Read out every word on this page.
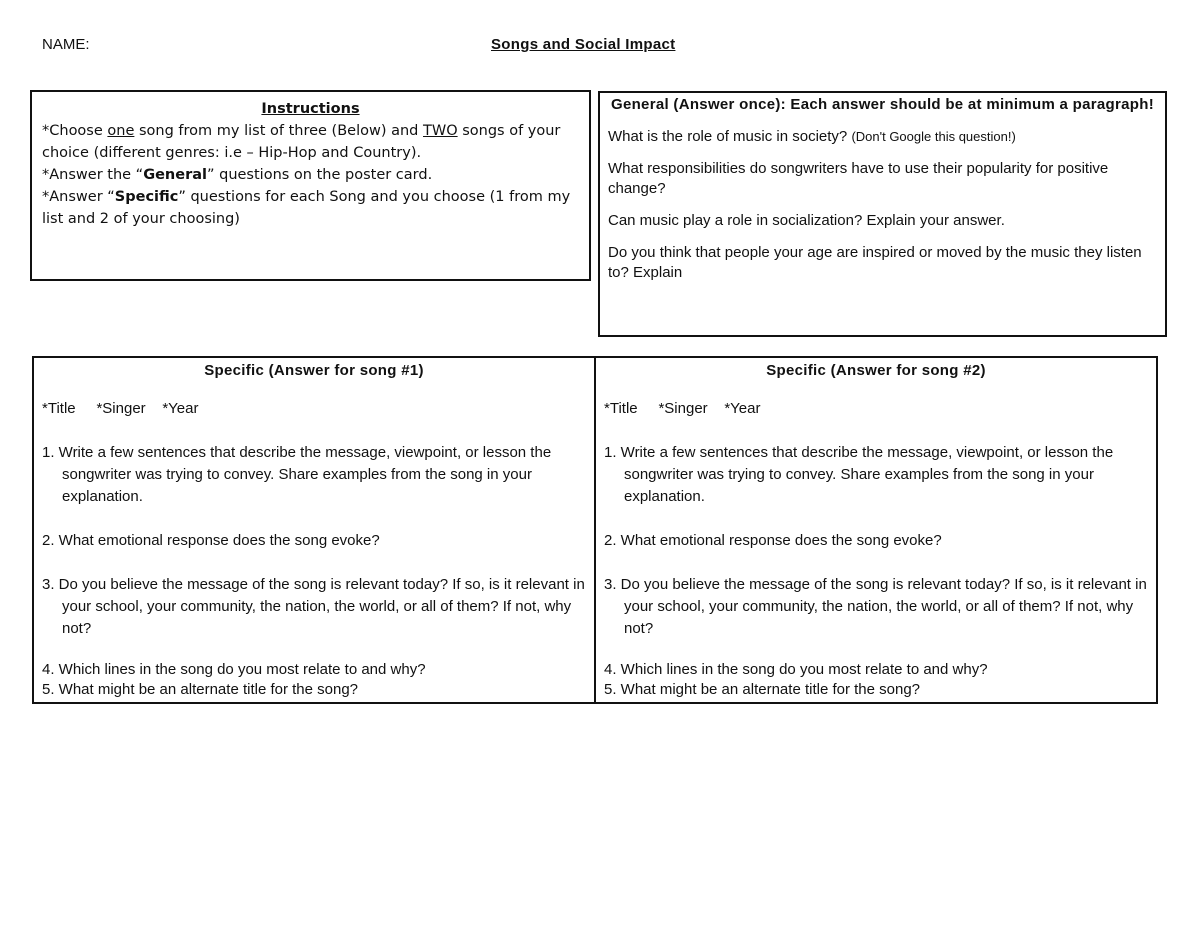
NAME:	Songs and Social Impact
Instructions
*Choose one song from my list of three (Below) and TWO songs of your choice (different genres: i.e – Hip-Hop and Country).
*Answer the “General” questions on the poster card.
*Answer “Specific” questions for each Song and you choose (1 from my list and 2 of your choosing)
General (Answer once): Each answer should be at minimum a paragraph!
What is the role of music in society? (Don't Google this question!)
What responsibilities do songwriters have to use their popularity for positive change?
Can music play a role in socialization? Explain your answer.
Do you think that people your age are inspired or moved by the music they listen to? Explain
Specific (Answer for song #1)
*Title     *Singer    *Year
1. Write a few sentences that describe the message, viewpoint, or lesson the songwriter was trying to convey. Share examples from the song in your explanation.
2. What emotional response does the song evoke?
3. Do you believe the message of the song is relevant today? If so, is it relevant in your school, your community, the nation, the world, or all of them? If not, why not?
4. Which lines in the song do you most relate to and why?
5. What might be an alternate title for the song?
Specific (Answer for song #2)
*Title     *Singer    *Year
1. Write a few sentences that describe the message, viewpoint, or lesson the songwriter was trying to convey. Share examples from the song in your explanation.
2. What emotional response does the song evoke?
3. Do you believe the message of the song is relevant today? If so, is it relevant in your school, your community, the nation, the world, or all of them? If not, why not?
4. Which lines in the song do you most relate to and why?
5. What might be an alternate title for the song?
